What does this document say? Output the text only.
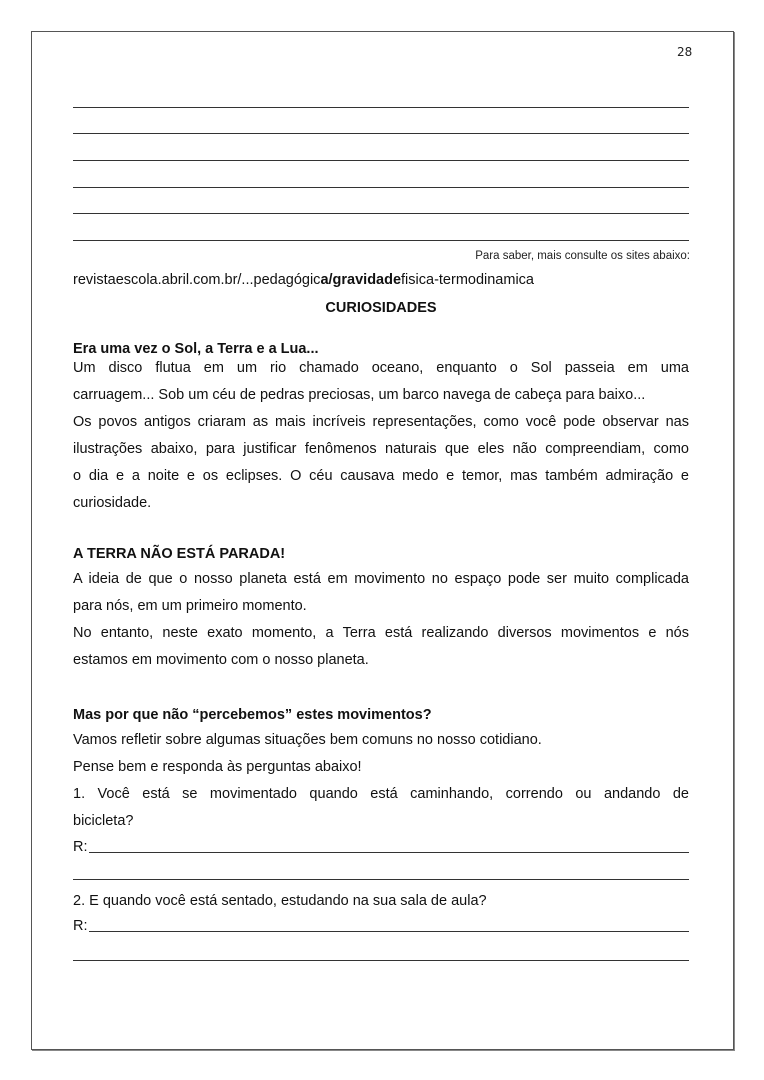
28
Para saber, mais consulte os sites abaixo:
revistaescola.abril.com.br/...pedagógica/gravidadefisica-termodinamica
CURIOSIDADES
Era uma vez o Sol, a Terra e a Lua...

Um disco flutua em um rio chamado oceano, enquanto o Sol passeia em uma

carruagem... Sob um céu de pedras preciosas, um barco navega de cabeça para baixo...

Os povos antigos criaram as mais incríveis representações, como você pode observar nas

ilustrações abaixo, para justificar fenômenos naturais que eles não compreendiam, como

o dia e a noite e os eclipses. O céu causava medo e temor, mas também admiração e

curiosidade.

A TERRA NÃO ESTÁ PARADA!

A ideia de que o nosso planeta está em movimento no espaço pode ser muito complicada

para nós, em um primeiro momento.

No entanto, neste exato momento, a Terra está realizando diversos movimentos e nós

estamos em movimento com o nosso planeta.

Mas por que não “percebemos” estes movimentos?

Vamos refletir sobre algumas situações bem comuns no nosso cotidiano.

Pense bem e responda às perguntas abaixo!

1. Você está se movimentado quando está caminhando, correndo ou andando de

bicicleta?

R:

2. E quando você está sentado, estudando na sua sala de aula?

R:
